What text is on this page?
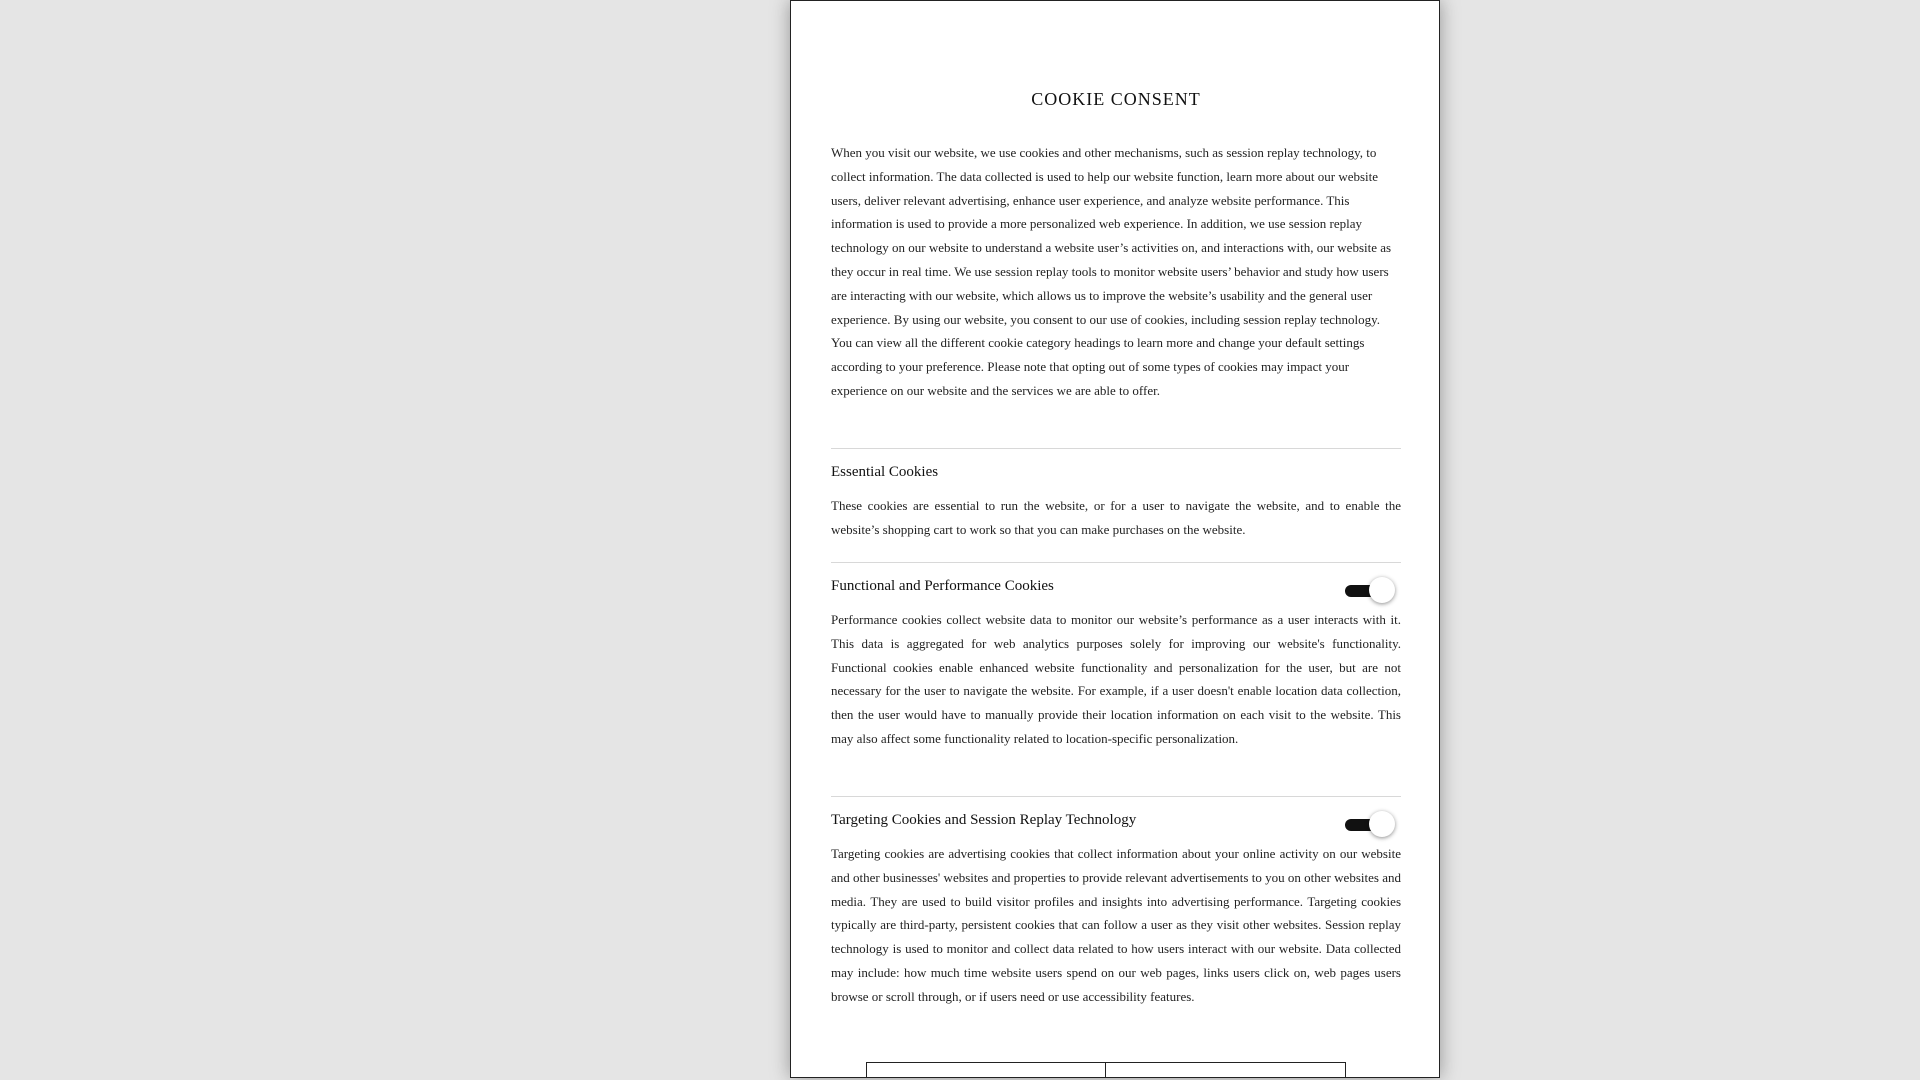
COOKIE CONSENT

When you visit our website, we use cookies and other mechanisms, such as session replay technology, to collect information. The data collected is used to help our website function, learn more about our website users, deliver relevant advertising, enhance user experience, and analyze website performance. This information is used to provide a more personalized web experience. In addition, we use session replay technology on our website to understand a website user’s activities on, and interactions with, our website as they occur in real time. We use session replay tools to monitor website users’ behavior and study how users are interacting with our website, which allows us to improve the website’s usability and the general user experience. By using our website, you consent to our use of cookies, including session replay technology. You can view all the different cookie category headings to learn more and change your default settings according to your preference. Please note that opting out of some types of cookies may impact your experience on our website and the services we are able to offer.

Essential Cookies

These cookies are essential to run the website, or for a user to navigate the website, and to enable the website’s shopping cart to work so that you can make purchases on the website.

Functional and Performance Cookies

Performance cookies collect website data to monitor our website’s performance as a user interacts with it. This data is aggregated for web analytics purposes solely for improving our website's functionality. Functional cookies enable enhanced website functionality and personalization for the user, but are not necessary for the user to navigate the website. For example, if a user doesn't enable location data collection, then the user would have to manually provide their location information on each visit to the website. This may also affect some functionality related to location-specific personalization.

Targeting Cookies and Session Replay Technology

Targeting cookies are advertising cookies that collect information about your online activity on our website and other businesses' websites and properties to provide relevant advertisements to you on other websites and media. They are used to build visitor profiles and insights into advertising performance. Targeting cookies typically are third-party, persistent cookies that can follow a user as they visit other websites. Session replay technology is used to monitor and collect data related to how users interact with our website. Data collected may include: how much time website users spend on our web pages, links users click on, web pages users browse or scroll through, or if users need or use accessibility features.
